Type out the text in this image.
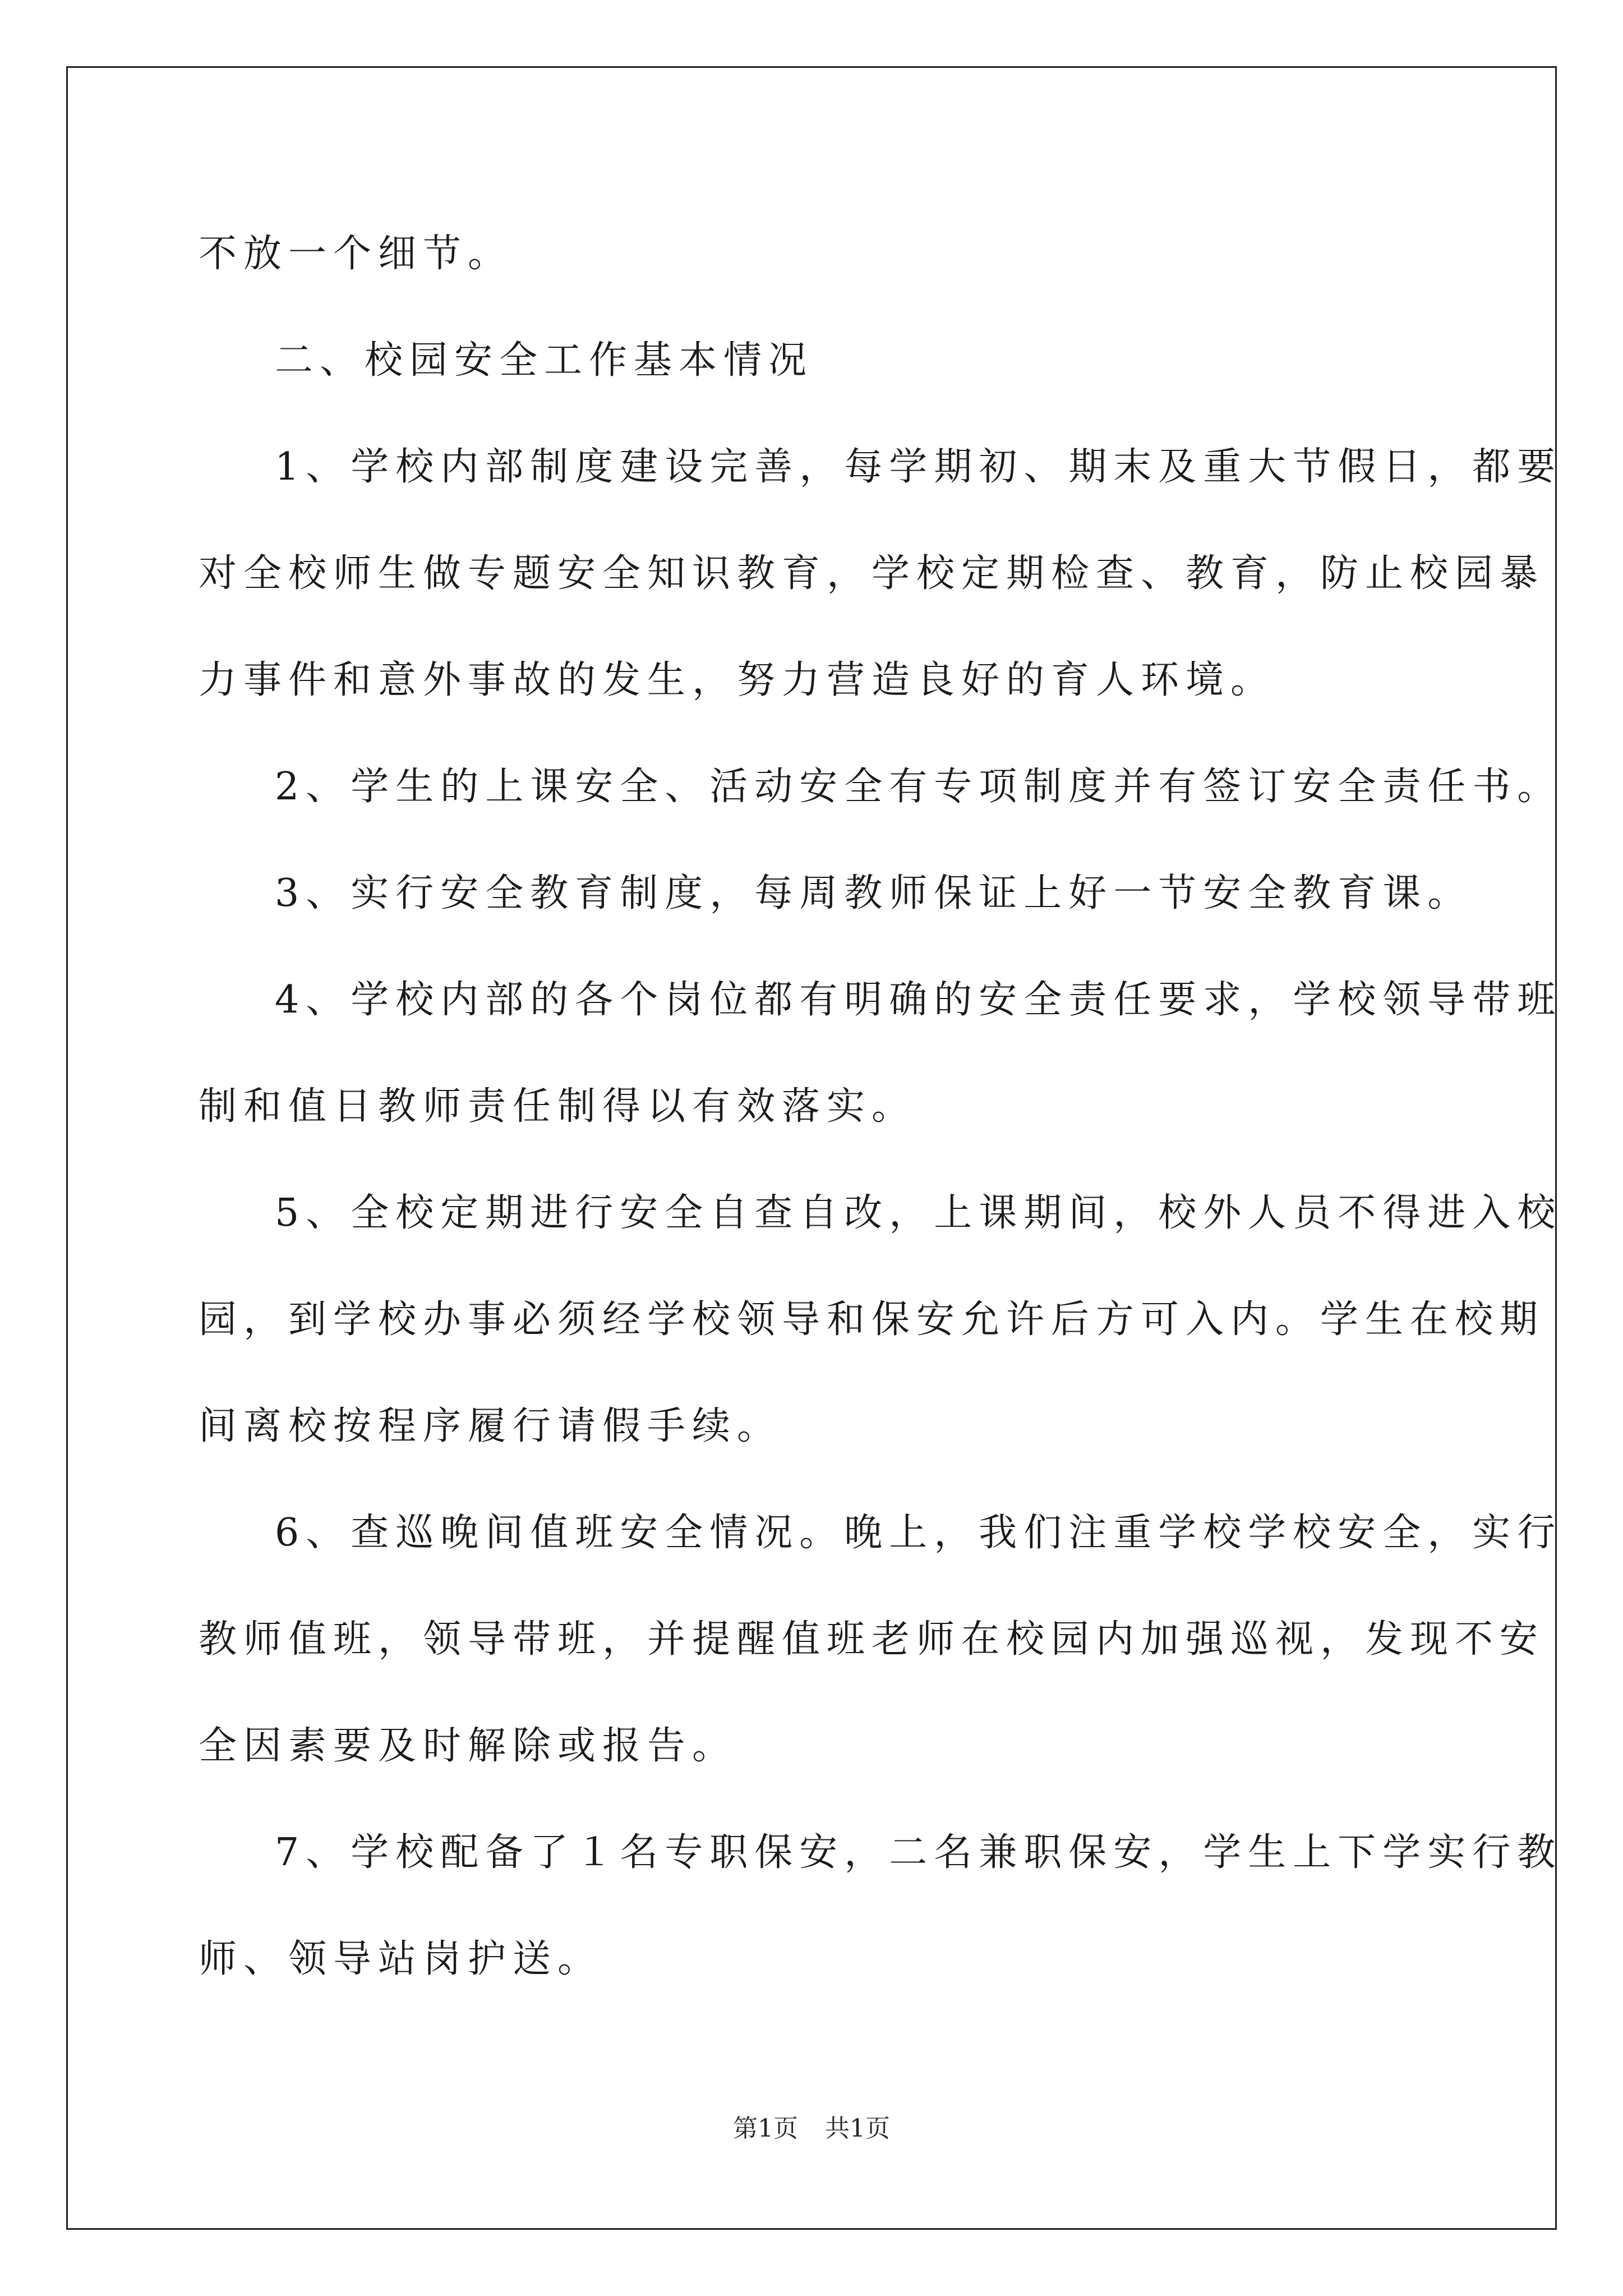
不放一个细节。
二、校园安全工作基本情况
1、学校内部制度建设完善，每学期初、期末及重大节假日，都要
对全校师生做专题安全知识教育，学校定期检查、教育，防止校园暴
力事件和意外事故的发生，努力营造良好的育人环境。
2、学生的上课安全、活动安全有专项制度并有签订安全责任书。
3、实行安全教育制度，每周教师保证上好一节安全教育课。
4、学校内部的各个岗位都有明确的安全责任要求，学校领导带班
制和值日教师责任制得以有效落实。
5、全校定期进行安全自查自改，上课期间，校外人员不得进入校
园，到学校办事必须经学校领导和保安允许后方可入内。学生在校期
间离校按程序履行请假手续。
6、查巡晚间值班安全情况。晚上，我们注重学校学校安全，实行
教师值班，领导带班，并提醒值班老师在校园内加强巡视，发现不安
全因素要及时解除或报告。
7、学校配备了１名专职保安，二名兼职保安，学生上下学实行教
师、领导站岗护送。
第1页 共1页
